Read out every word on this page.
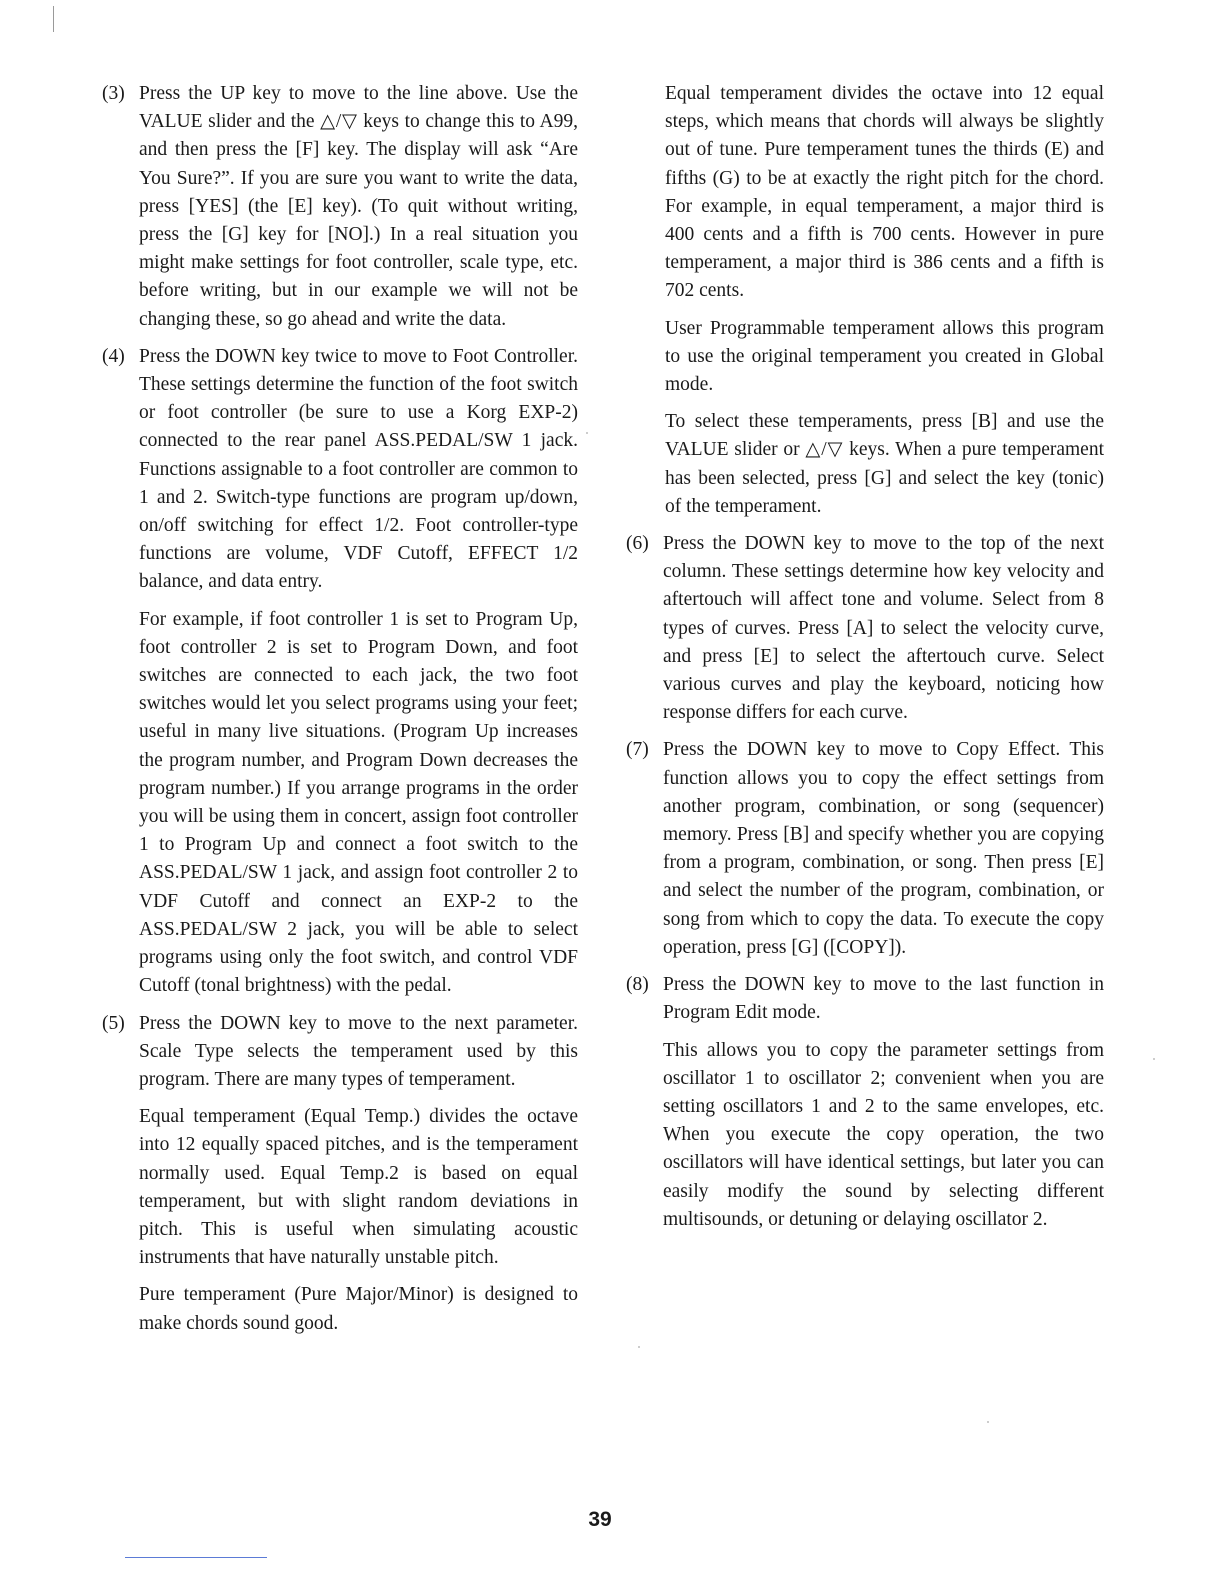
(3) Press the UP key to move to the line above. Use the VALUE slider and the △/▽ keys to change this to A99, and then press the [F] key. The display will ask “Are You Sure?”. If you are sure you want to write the data, press [YES] (the [E] key). (To quit without writing, press the [G] key for [NO].) In a real situation you might make settings for foot controller, scale type, etc. before writing, but in our example we will not be changing these, so go ahead and write the data.

(4) Press the DOWN key twice to move to Foot Controller. These settings determine the function of the foot switch or foot controller (be sure to use a Korg EXP-2) connected to the rear panel ASS.PEDAL/SW 1 jack. Functions assignable to a foot controller are common to 1 and 2. Switch-type functions are program up/down, on/off switching for effect 1/2. Foot controller-type functions are volume, VDF Cutoff, EFFECT 1/2 balance, and data entry.

For example, if foot controller 1 is set to Program Up, foot controller 2 is set to Program Down, and foot switches are connected to each jack, the two foot switches would let you select programs using your feet; useful in many live situations. (Program Up increases the program number, and Program Down decreases the program number.) If you arrange programs in the order you will be using them in concert, assign foot controller 1 to Program Up and connect a foot switch to the ASS.PEDAL/SW 1 jack, and assign foot controller 2 to VDF Cutoff and connect an EXP-2 to the ASS.PEDAL/SW 2 jack, you will be able to select programs using only the foot switch, and control VDF Cutoff (tonal brightness) with the pedal.

(5) Press the DOWN key to move to the next parameter. Scale Type selects the temperament used by this program. There are many types of temperament.

Equal temperament (Equal Temp.) divides the octave into 12 equally spaced pitches, and is the temperament normally used. Equal Temp.2 is based on equal temperament, but with slight random deviations in pitch. This is useful when simulating acoustic instruments that have naturally unstable pitch.

Pure temperament (Pure Major/Minor) is designed to make chords sound good.

Equal temperament divides the octave into 12 equal steps, which means that chords will always be slightly out of tune. Pure temperament tunes the thirds (E) and fifths (G) to be at exactly the right pitch for the chord. For example, in equal temperament, a major third is 400 cents and a fifth is 700 cents. However in pure temperament, a major third is 386 cents and a fifth is 702 cents.

User Programmable temperament allows this program to use the original temperament you created in Global mode.

To select these temperaments, press [B] and use the VALUE slider or △/▽ keys. When a pure temperament has been selected, press [G] and select the key (tonic) of the temperament.

(6) Press the DOWN key to move to the top of the next column. These settings determine how key velocity and aftertouch will affect tone and volume. Select from 8 types of curves. Press [A] to select the velocity curve, and press [E] to select the aftertouch curve. Select various curves and play the keyboard, noticing how response differs for each curve.

(7) Press the DOWN key to move to Copy Effect. This function allows you to copy the effect settings from another program, combination, or song (sequencer) memory. Press [B] and specify whether you are copying from a program, combination, or song. Then press [E] and select the number of the program, combination, or song from which to copy the data. To execute the copy operation, press [G] ([COPY]).

(8) Press the DOWN key to move to the last function in Program Edit mode.

This allows you to copy the parameter settings from oscillator 1 to oscillator 2; convenient when you are setting oscillators 1 and 2 to the same envelopes, etc. When you execute the copy operation, the two oscillators will have identical settings, but later you can easily modify the sound by selecting different multisounds, or detuning or delaying oscillator 2.

39
